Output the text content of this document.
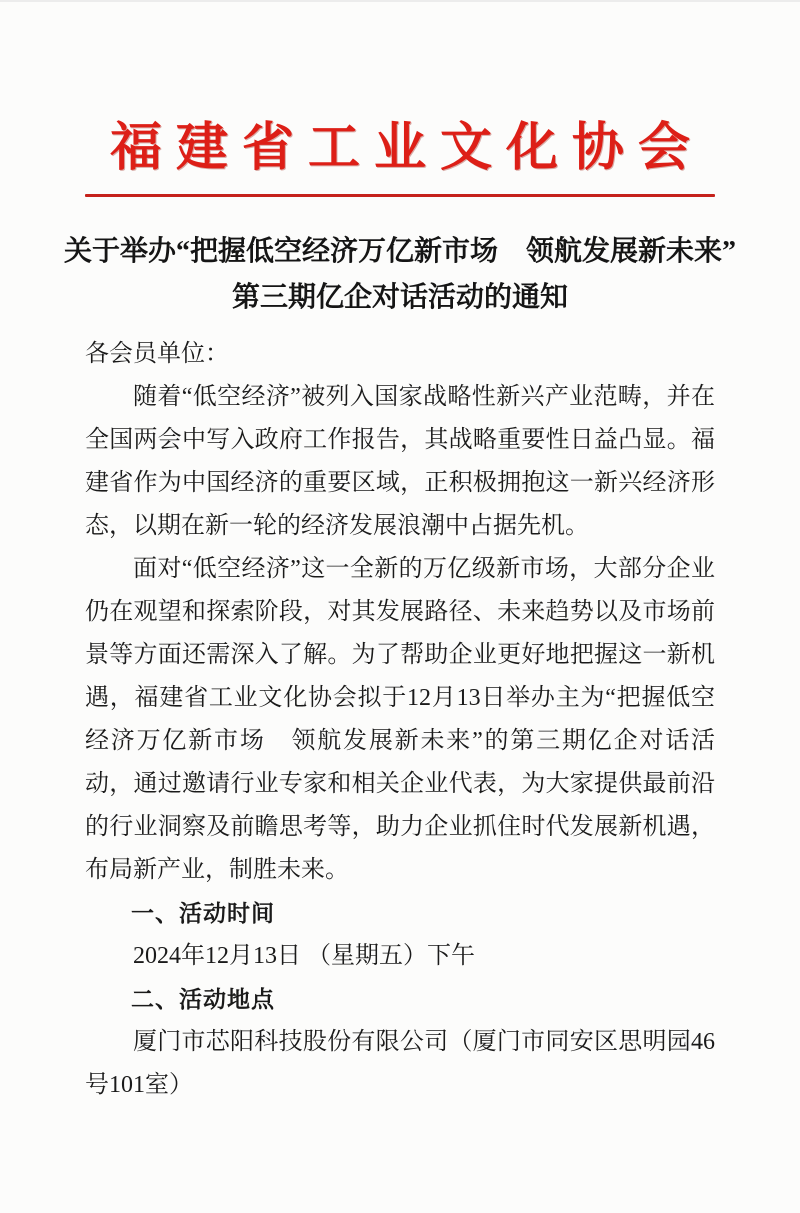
福建省工业文化协会
关于举办“把握低空经济万亿新市场　领航发展新未来”
第三期亿企对话活动的通知

各会员单位：

随着“低空经济”被列入国家战略性新兴产业范畴，并在全国两会中写入政府工作报告，其战略重要性日益凸显。福建省作为中国经济的重要区域，正积极拥抱这一新兴经济形态，以期在新一轮的经济发展浪潮中占据先机。

面对“低空经济”这一全新的万亿级新市场，大部分企业仍在观望和探索阶段，对其发展路径、未来趋势以及市场前景等方面还需深入了解。为了帮助企业更好地把握这一新机遇，福建省工业文化协会拟于12月13日举办主为“把握低空经济万亿新市场　领航发展新未来”的第三期亿企对话活动，通过邀请行业专家和相关企业代表，为大家提供最前沿的行业洞察及前瞻思考等，助力企业抓住时代发展新机遇，布局新产业，制胜未来。

一、活动时间

2024年12月13日 （星期五）下午

二、活动地点

厦门市芯阳科技股份有限公司（厦门市同安区思明园46号101室）
